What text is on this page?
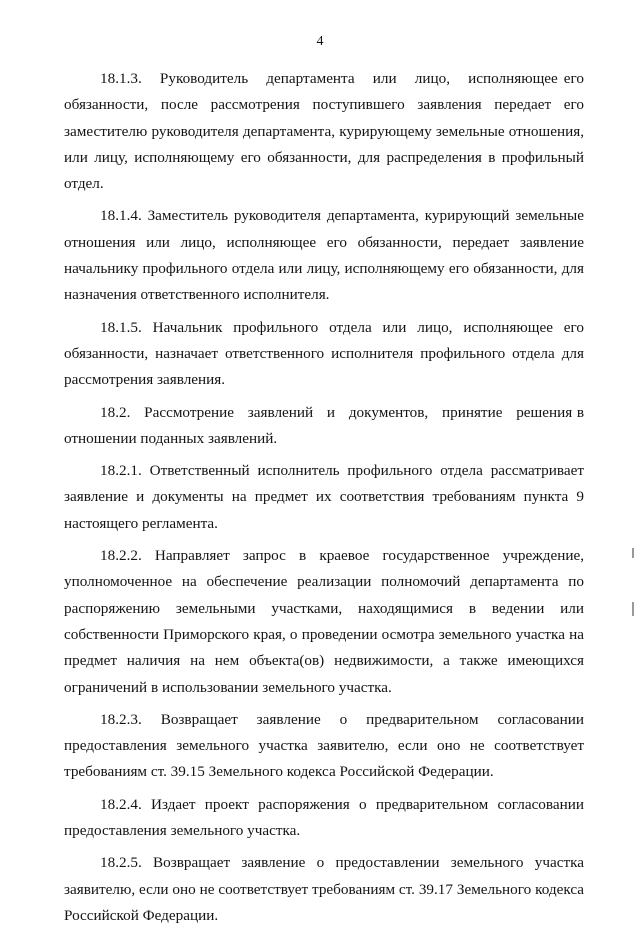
4

18.1.3.   Руководитель   департамента   или   лицо,   исполняющее его обязанности, после рассмотрения поступившего заявления передает его заместителю руководителя департамента, курирующему земельные отношения, или лицу, исполняющему его обязанности, для распределения в профильный отдел.

18.1.4. Заместитель руководителя департамента, курирующий земельные отношения или лицо, исполняющее его обязанности, передает заявление начальнику профильного отдела или лицу, исполняющему его обязанности, для назначения ответственного исполнителя.

18.1.5. Начальник профильного отдела или лицо, исполняющее его обязанности, назначает ответственного исполнителя профильного отдела для рассмотрения заявления.

18.2.   Рассмотрение   заявлений   и   документов,   принятие   решения в отношении поданных заявлений.

18.2.1. Ответственный исполнитель профильного отдела рассматривает заявление и документы на предмет их соответствия требованиям пункта 9 настоящего регламента.

18.2.2. Направляет запрос в краевое государственное учреждение, уполномоченное на обеспечение реализации полномочий департамента по распоряжению земельными участками, находящимися в ведении или собственности Приморского края, о проведении осмотра земельного участка на предмет наличия на нем объекта(ов) недвижимости, а также имеющихся ограничений в использовании земельного участка.

18.2.3.   Возвращает   заявление   о   предварительном   согласовании предоставления земельного участка заявителю, если оно не соответствует требованиям ст. 39.15 Земельного кодекса Российской Федерации.

18.2.4. Издает проект распоряжения о предварительном согласовании предоставления земельного участка.

18.2.5. Возвращает заявление о предоставлении земельного участка заявителю, если оно не соответствует требованиям ст. 39.17 Земельного кодекса Российской Федерации.
